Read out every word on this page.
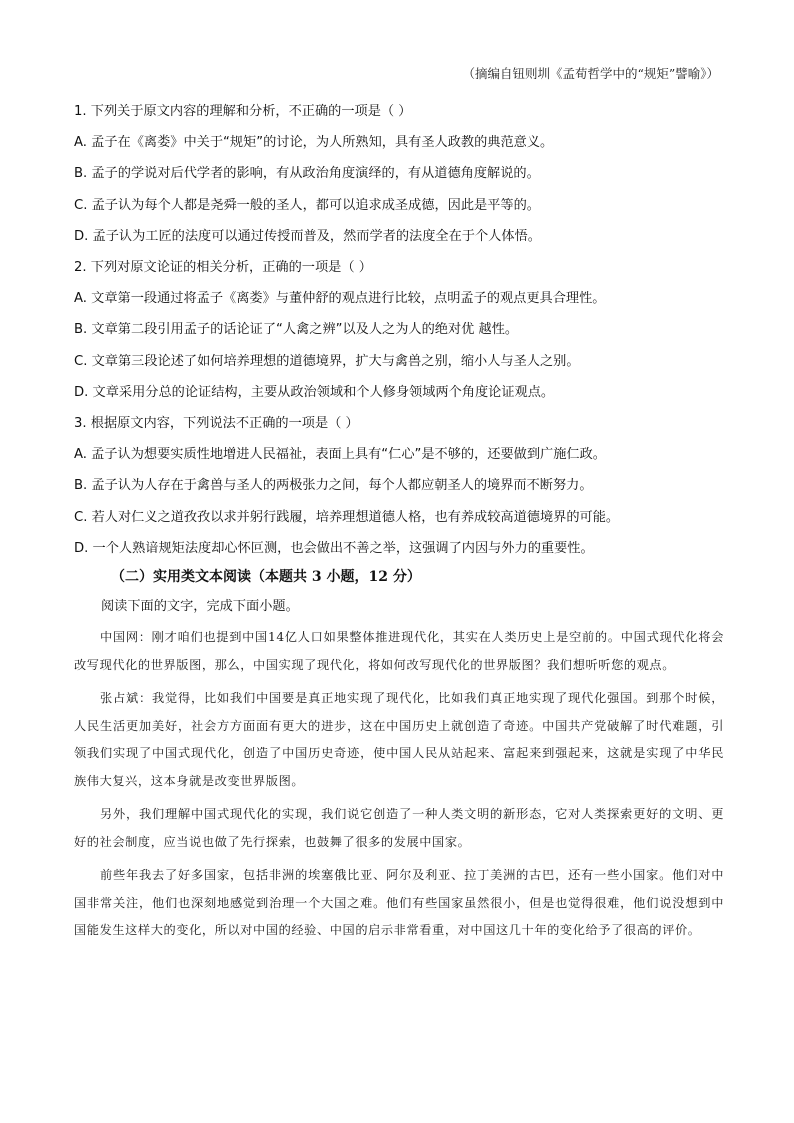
（摘编自钮则圳《孟荀哲学中的“规矩”譬喻》）

1. 下列关于原文内容的理解和分析，不正确的一项是（ ）

A. 孟子在《离娄》中关于“规矩”的讨论，为人所熟知，具有圣人政教的典范意义。

B. 孟子的学说对后代学者的影响，有从政治角度演绎的，有从道德角度解说的。

C. 孟子认为每个人都是尧舜一般的圣人，都可以追求成圣成德，因此是平等的。

D. 孟子认为工匠的法度可以通过传授而普及，然而学者的法度全在于个人体悟。

2. 下列对原文论证的相关分析，正确的一项是（ ）

A. 文章第一段通过将孟子《离娄》与董仲舒的观点进行比较，点明孟子的观点更具合理性。

B. 文章第二段引用孟子的话论证了“人禽之辨”以及人之为人的绝对优 越性。

C. 文章第三段论述了如何培养理想的道德境界，扩大与禽兽之别，缩小人与圣人之别。

D. 文章采用分总的论证结构，主要从政治领域和个人修身领域两个角度论证观点。

3. 根据原文内容，下列说法不正确的一项是（ ）

A. 孟子认为想要实质性地增进人民福祉，表面上具有“仁心”是不够的，还要做到广施仁政。

B. 孟子认为人存在于禽兽与圣人的两极张力之间，每个人都应朝圣人的境界而不断努力。

C. 若人对仁义之道孜孜以求并躬行践履，培养理想道德人格，也有养成较高道德境界的可能。

D. 一个人熟谙规矩法度却心怀叵测，也会做出不善之举，这强调了内因与外力的重要性。

（二）实用类文本阅读（本题共 3 小题，12 分）
阅读下面的文字，完成下面小题。

中国网：刚才咱们也提到中国14亿人口如果整体推进现代化，其实在人类历史上是空前的。中国式现代化将会改写现代化的世界版图，那么，中国实现了现代化，将如何改写现代化的世界版图？我们想听听您的观点。

张占斌：我觉得，比如我们中国要是真正地实现了现代化，比如我们真正地实现了现代化强国。到那个时候，人民生活更加美好，社会方方面面有更大的进步，这在中国历史上就创造了奇迹。中国共产党破解了时代难题，引领我们实现了中国式现代化，创造了中国历史奇迹，使中国人民从站起来、富起来到强起来，这就是实现了中华民族伟大复兴，这本身就是改变世界版图。

另外，我们理解中国式现代化的实现，我们说它创造了一种人类文明的新形态，它对人类探索更好的文明、更好的社会制度，应当说也做了先行探索，也鼓舞了很多的发展中国家。

前些年我去了好多国家，包括非洲的埃塞俄比亚、阿尔及利亚、拉丁美洲的古巴，还有一些小国家。他们对中国非常关注，他们也深刻地感觉到治理一个大国之难。他们有些国家虽然很小，但是也觉得很难，他们说没想到中国能发生这样大的变化，所以对中国的经验、中国的启示非常看重，对中国这几十年的变化给予了很高的评价。
